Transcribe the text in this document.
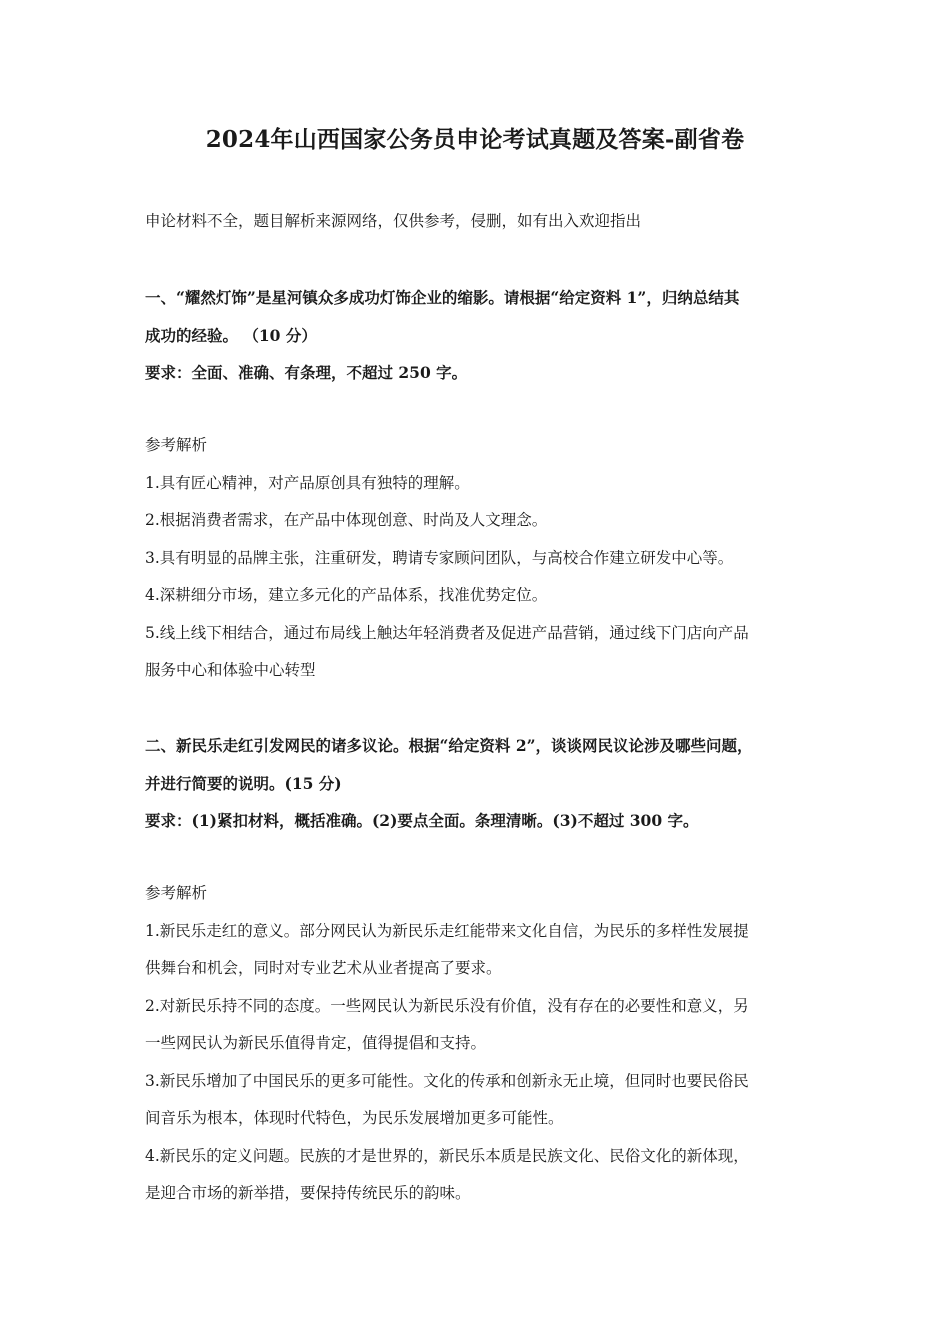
2024年山西国家公务员申论考试真题及答案-副省卷
申论材料不全，题目解析来源网络，仅供参考，侵删，如有出入欢迎指出
一、“耀然灯饰”是星河镇众多成功灯饰企业的缩影。请根据“给定资料 1”，归纳总结其
成功的经验。 （10 分）
要求：全面、准确、有条理，不超过 250 字。
参考解析
1.具有匠心精神，对产品原创具有独特的理解。
2.根据消费者需求，在产品中体现创意、时尚及人文理念。
3.具有明显的品牌主张，注重研发，聘请专家顾问团队，与高校合作建立研发中心等。
4.深耕细分市场，建立多元化的产品体系，找准优势定位。
5.线上线下相结合，通过布局线上触达年轻消费者及促进产品营销，通过线下门店向产品
服务中心和体验中心转型
二、新民乐走红引发网民的诸多议论。根据“给定资料 2”，谈谈网民议论涉及哪些问题，
并进行简要的说明。(15 分)
要求：(1)紧扣材料，概括准确。(2)要点全面。条理清晰。(3)不超过 300 字。
参考解析
1.新民乐走红的意义。部分网民认为新民乐走红能带来文化自信，为民乐的多样性发展提
供舞台和机会，同时对专业艺术从业者提高了要求。
2.对新民乐持不同的态度。一些网民认为新民乐没有价值，没有存在的必要性和意义，另
一些网民认为新民乐值得肯定，值得提倡和支持。
3.新民乐增加了中国民乐的更多可能性。文化的传承和创新永无止境，但同时也要民俗民
间音乐为根本，体现时代特色，为民乐发展增加更多可能性。
4.新民乐的定义问题。民族的才是世界的，新民乐本质是民族文化、民俗文化的新体现，
是迎合市场的新举措，要保持传统民乐的韵味。
